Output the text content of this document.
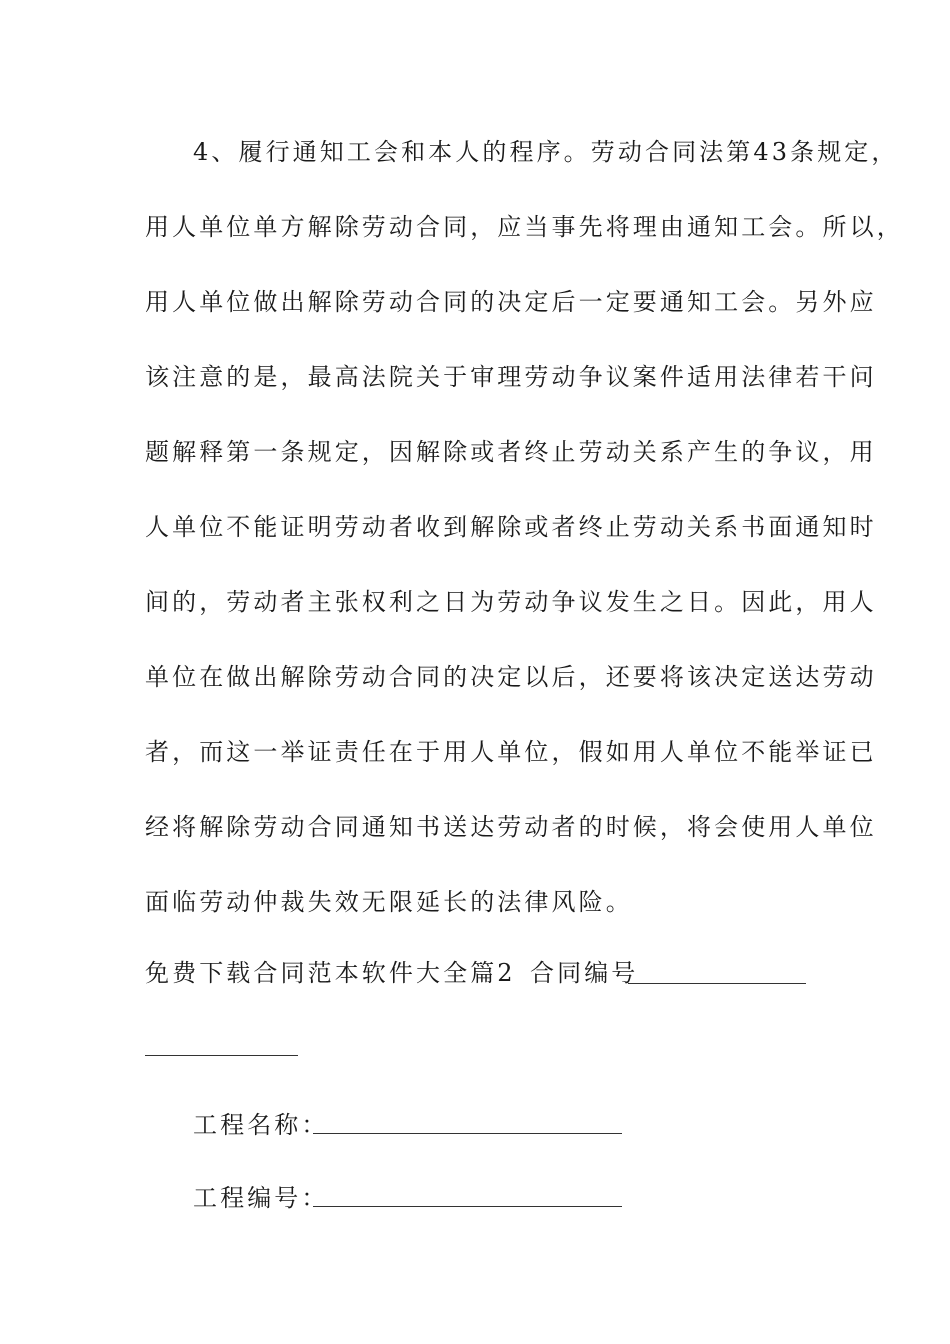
4、履行通知工会和本人的程序。劳动合同法第43条规定，
用人单位单方解除劳动合同，应当事先将理由通知工会。所以，
用人单位做出解除劳动合同的决定后一定要通知工会。另外应
该注意的是，最高法院关于审理劳动争议案件适用法律若干问
题解释第一条规定，因解除或者终止劳动关系产生的争议，用
人单位不能证明劳动者收到解除或者终止劳动关系书面通知时
间的，劳动者主张权利之日为劳动争议发生之日。因此，用人
单位在做出解除劳动合同的决定以后，还要将该决定送达劳动
者，而这一举证责任在于用人单位，假如用人单位不能举证已
经将解除劳动合同通知书送达劳动者的时候，将会使用人单位
面临劳动仲裁失效无限延长的法律风险。
免费下载合同范本软件大全篇2 合同编号
工程名称：
工程编号：
